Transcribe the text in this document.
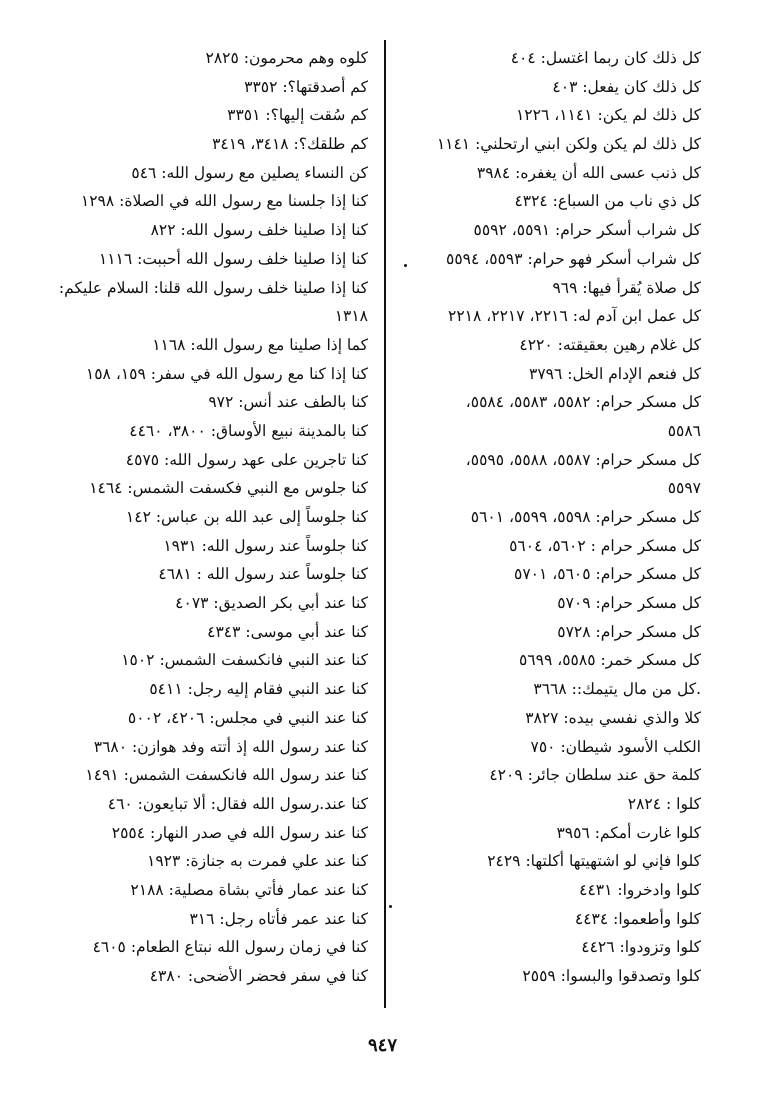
كل ذلك كان ربما اغتسل: ٤٠٤
كل ذلك كان يفعل: ٤٠٣
كل ذلك لم يكن: ١١٤١، ١٢٢٦
كل ذلك لم يكن ولكن ابني ارتحلني: ١١٤١
كل ذنب عسى الله أن يغفره: ٣٩٨٤
كل ذي ناب من السباع: ٤٣٢٤
كل شراب أسكر حرام: ٥٥٩١، ٥٥٩٢
كل شراب أسكر فهو حرام: ٥٥٩٣، ٥٥٩٤
كل صلاة يُقرأ فيها: ٩٦٩
كل عمل ابن آدم له: ٢٢١٦، ٢٢١٧، ٢٢١٨
كل غلام رهين بعقيقته: ٤٢٢٠
كل فنعم الإدام الخل: ٣٧٩٦
كل مسكر حرام: ٥٥٨٢، ٥٥٨٣، ٥٥٨٤،
٥٥٨٦
كل مسكر حرام: ٥٥٨٧، ٥٥٨٨، ٥٥٩٥،
٥٥٩٧
كل مسكر حرام: ٥٥٩٨، ٥٥٩٩، ٥٦٠١
كل مسكر حرام : ٥٦٠٢، ٥٦٠٤
كل مسكر حرام: ٥٦٠٥، ٥٧٠١
كل مسكر حرام: ٥٧٠٩
كل مسكر حرام: ٥٧٢٨
كل مسكر خمر: ٥٥٨٥، ٥٦٩٩
.كل من مال يتيمك:: ٣٦٦٨
كلا والذي نفسي بيده: ٣٨٢٧
الكلب الأسود شيطان: ٧٥٠
كلمة حق عند سلطان جائر: ٤٢٠٩
كلوا : ٢٨٢٤
كلوا غارت أمكم: ٣٩٥٦
كلوا فإني لو اشتهيتها أكلتها: ٢٤٢٩
كلوا وادخروا: ٤٤٣١
كلوا وأطعموا: ٤٤٣٤
كلوا وتزودوا: ٤٤٢٦
كلوا وتصدقوا والبسوا: ٢٥٥٩
كلوه وهم محرمون: ٢٨٢٥
كم أصدقتها؟: ٣٣٥٢
كم سُقت إليها؟: ٣٣٥١
كم طلقك؟: ٣٤١٨، ٣٤١٩
كن النساء يصلين مع رسول الله: ٥٤٦
كنا إذا جلسنا مع رسول الله في الصلاة: ١٢٩٨
كنا إذا صلينا خلف رسول الله: ٨٢٢
كنا إذا صلينا خلف رسول الله أحببت: ١١١٦
كنا إذا صلينا خلف رسول الله قلنا: السلام عليكم:
١٣١٨
كما إذا صلينا مع رسول الله: ١١٦٨
كنا إذا كنا مع رسول الله في سفر: ١٥٩، ١٥٨
كنا بالطف عند أنس: ٩٧٢
كنا بالمدينة نبيع الأوساق: ٣٨٠٠، ٤٤٦٠
كنا تاجرين على عهد رسول الله: ٤٥٧٥
كنا جلوس مع النبي فكسفت الشمس: ١٤٦٤
كنا جلوساً إلى عبد الله بن عباس: ١٤٢
كنا جلوساً عند رسول الله: ١٩٣١
كنا جلوساً عند رسول الله : ٤٦٨١
كنا عند أبي بكر الصديق: ٤٠٧٣
كنا عند أبي موسى: ٤٣٤٣
كنا عند النبي فانكسفت الشمس: ١٥٠٢
كنا عند النبي فقام إليه رجل: ٥٤١١
كنا عند النبي في مجلس: ٤٢٠٦، ٥٠٠٢
كنا عند رسول الله إذ أتته وفد هوازن: ٣٦٨٠
كنا عند رسول الله فانكسفت الشمس: ١٤٩١
كنا عند.رسول الله فقال: ألا تبايعون: ٤٦٠
كنا عند رسول الله في صدر النهار: ٢٥٥٤
كنا عند علي فمرت به جنازة: ١٩٢٣
كنا عند عمار فأتي بشاة مصلية: ٢١٨٨
كنا عند عمر فأتاه رجل: ٣١٦
كنا في زمان رسول الله نبتاع الطعام: ٤٦٠٥
كنا في سفر فحضر الأضحى: ٤٣٨٠
٩٤٧
